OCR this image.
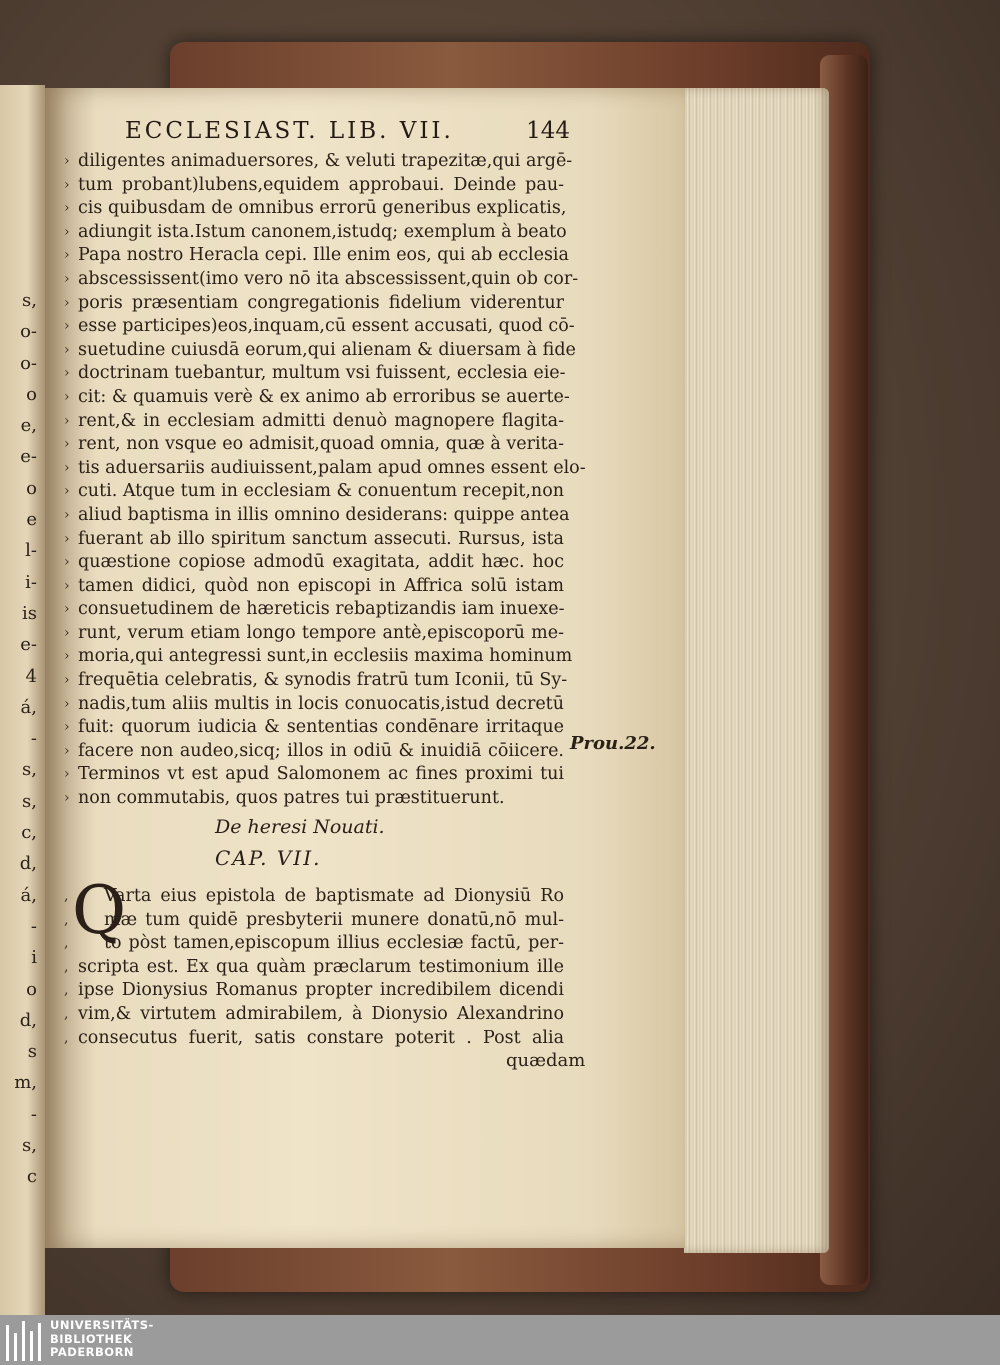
s,
o-
o-
o
e,
e-
o
e
l-
i-
is
e-
4
á,
-
s,
s,
c,
d,
á,
-
i
o
d,
s
m,
-
s,
c
ECCLESIAST. LIB. VII.	144
› diligentes animaduersores, & veluti trapezitæ,qui argē-
› tum probant)lubens,equidem approbaui. Deinde pau-
› cis quibusdam de omnibus errorū generibus explicatis,
› adiungit ista.Istum canonem,istudq; exemplum à beato
› Papa nostro Heracla cepi. Ille enim eos, qui ab ecclesia
› abscessissent(imo vero nō ita abscessissent,quin ob cor-
› poris præsentiam congregationis fidelium viderentur
› esse participes)eos,inquam,cū essent accusati, quod cō-
› suetudine cuiusdā eorum,qui alienam & diuersam à fide
› doctrinam tuebantur, multum vsi fuissent, ecclesia eie-
› cit: & quamuis verè & ex animo ab erroribus se auerte-
› rent,& in ecclesiam admitti denuò magnopere flagita-
› rent, non vsque eo admisit,quoad omnia, quæ à verita-
› tis aduersariis audiuissent,palam apud omnes essent elo-
› cuti. Atque tum in ecclesiam & conuentum recepit,non
› aliud baptisma in illis omnino desiderans: quippe antea
› fuerant ab illo spiritum sanctum assecuti. Rursus, ista
› quæstione copiose admodū exagitata, addit hæc. hoc
› tamen didici, quòd non episcopi in Affrica solū istam
› consuetudinem de hæreticis rebaptizandis iam inuexe-
› runt, verum etiam longo tempore antè,episcoporū me-
› moria,qui antegressi sunt,in ecclesiis maxima hominum
› frequētia celebratis, & synodis fratrū tum Iconii, tū Sy-
› nadis,tum aliis multis in locis conuocatis,istud decretū
› fuit: quorum iudicia & sententias condēnare irritaque
› facere non audeo,sicq; illos in odiū & inuidiā cōiicere.
› Terminos vt est apud Salomonem ac fines proximi tui
› non commutabis, quos patres tui præstituerunt.
Prou.22.
De heresi Nouati.
CAP. VII.
Q
,	Varta eius epistola de baptismate ad Dionysiū Ro
,	mæ tum quidē presbyterii munere donatū,nō mul-
,	to pòst tamen,episcopum illius ecclesiæ factū, per-
, scripta est. Ex qua quàm præclarum testimonium ille
, ipse Dionysius Romanus propter incredibilem dicendi
, vim,& virtutem admirabilem, à Dionysio Alexandrino
, consecutus fuerit, satis constare poterit . Post alia
quædam
UNIVERSITÄTS-
BIBLIOTHEK
PADERBORN
